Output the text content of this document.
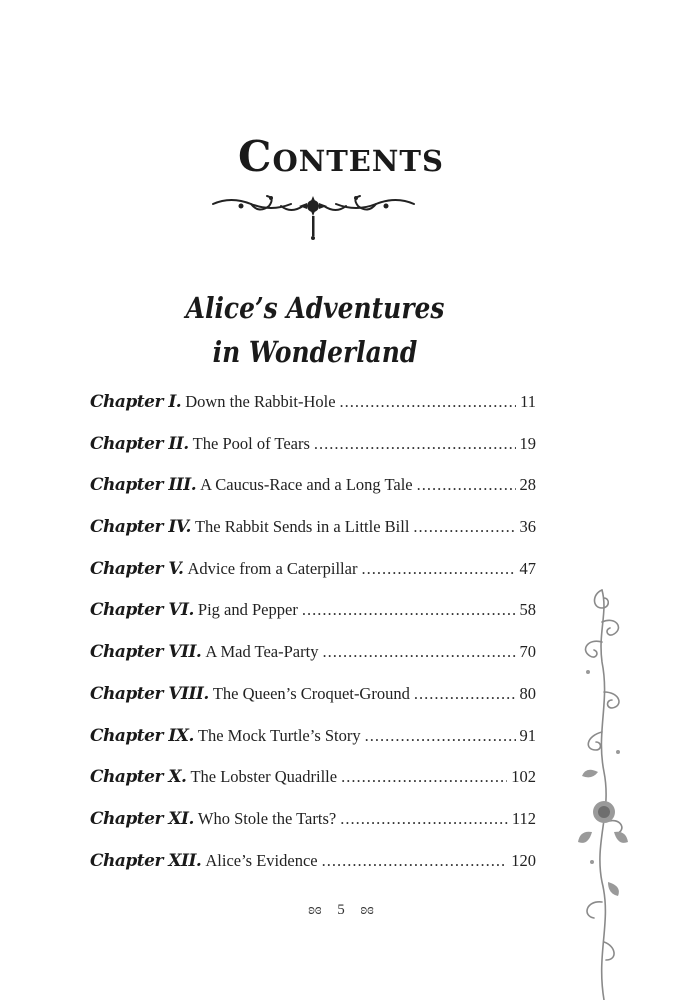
Contents
Alice’s Adventures
in Wonderland
Chapter I. Down the Rabbit-Hole .....	11
Chapter II. The Pool of Tears .....	19
Chapter III. A Caucus-Race and a Long Tale .....	28
Chapter IV. The Rabbit Sends in a Little Bill .....	36
Chapter V. Advice from a Caterpillar .....	47
Chapter VI. Pig and Pepper .....	58
Chapter VII. A Mad Tea-Party .....	70
Chapter VIII. The Queen’s Croquet-Ground .....	80
Chapter IX. The Mock Turtle’s Story .....	91
Chapter X. The Lobster Quadrille .....	102
Chapter XI. Who Stole the Tarts? .....	112
Chapter XII. Alice’s Evidence .....	120
ʚɞ 5 ʚɞ
